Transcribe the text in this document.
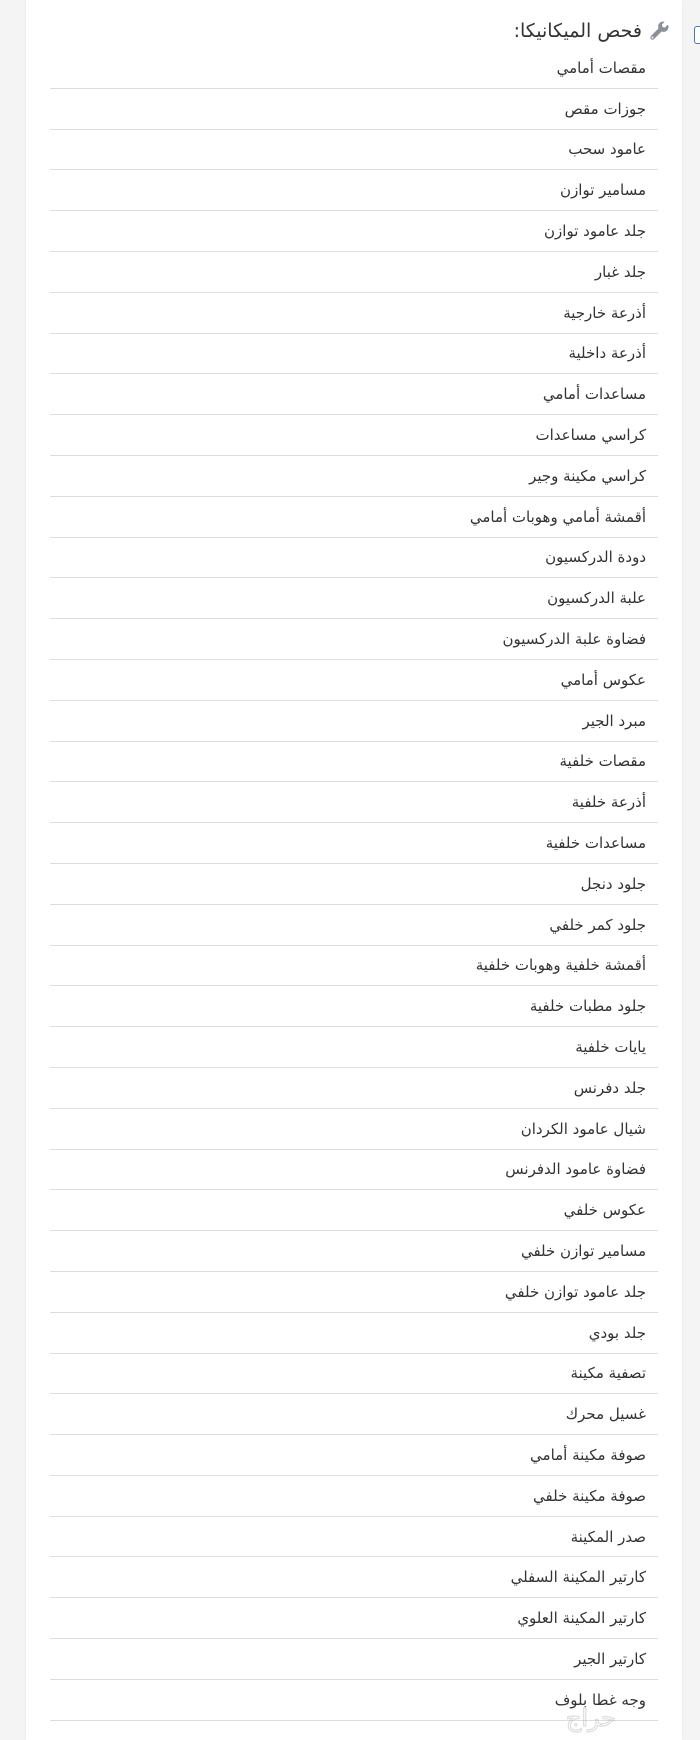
فحص الميكانيكا:
مقصات أمامي
جوزات مقص
عامود سحب
مسامير توازن
جلد عامود توازن
جلد غبار
أذرعة خارجية
أذرعة داخلية
مساعدات أمامي
كراسي مساعدات
كراسي مكينة وجير
أقمشة أمامي وهوبات أمامي
دودة الدركسيون
علبة الدركسيون
فضاوة علبة الدركسيون
عكوس أمامي
مبرد الجير
مقصات خلفية
أذرعة خلفية
مساعدات خلفية
جلود دنجل
جلود كمر خلفي
أقمشة خلفية وهوبات خلفية
جلود مطبات خلفية
يايات خلفية
جلد دفرنس
شيال عامود الكردان
فضاوة عامود الدفرنس
عكوس خلفي
مسامير توازن خلفي
جلد عامود توازن خلفي
جلد بودي
تصفية مكينة
غسيل محرك
صوفة مكينة أمامي
صوفة مكينة خلفي
صدر المكينة
كارتير المكينة السفلي
كارتير المكينة العلوي
كارتير الجير
وجه غطا بلوف
حراج
